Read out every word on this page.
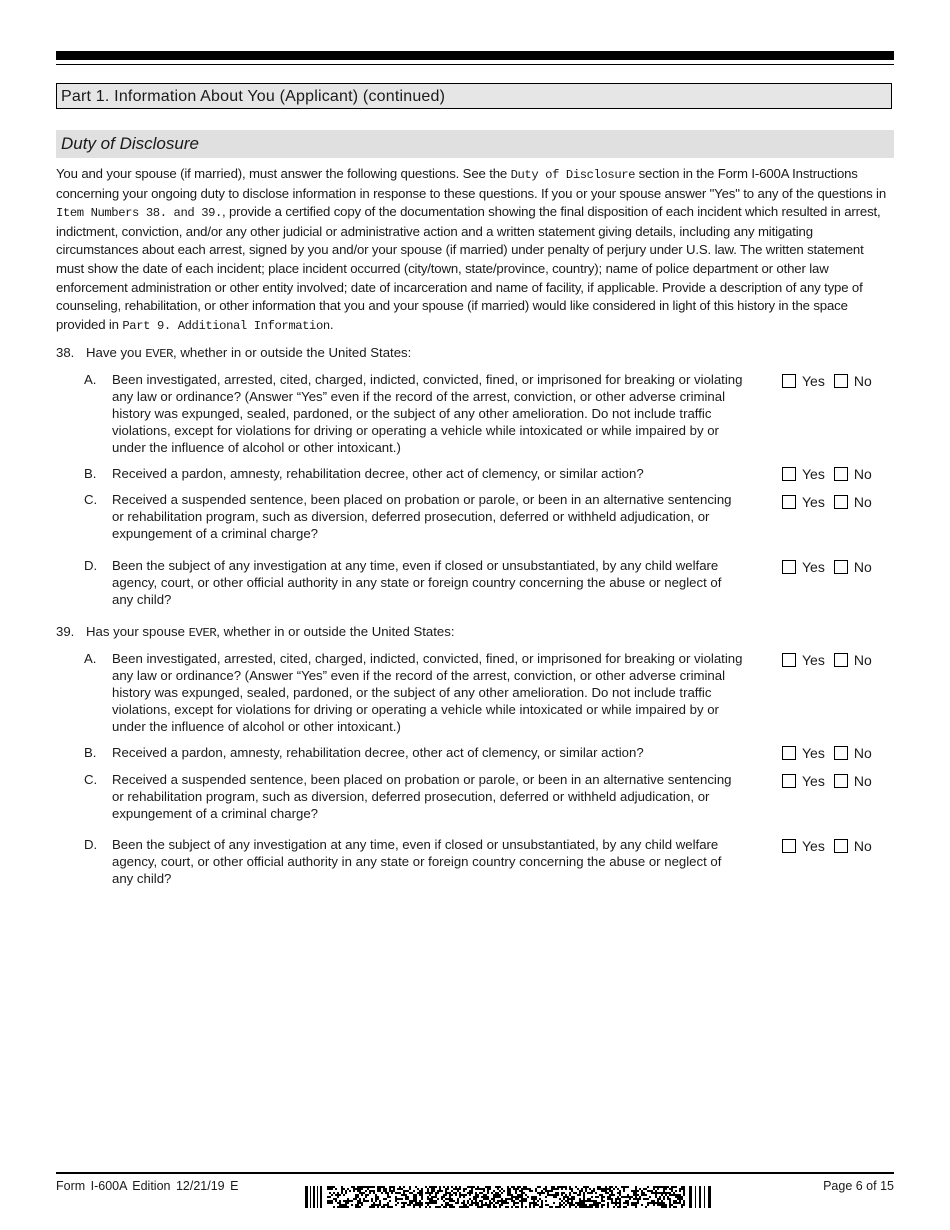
Part 1. Information About You (Applicant) (continued)
Duty of Disclosure

You and your spouse (if married), must answer the following questions. See the Duty of Disclosure section in the Form I-600A Instructions concerning your ongoing duty to disclose information in response to these questions. If you or your spouse answer "Yes" to any of the questions in Item Numbers 38. and 39., provide a certified copy of the documentation showing the final disposition of each incident which resulted in arrest, indictment, conviction, and/or any other judicial or administrative action and a written statement giving details, including any mitigating circumstances about each arrest, signed by you and/or your spouse (if married) under penalty of perjury under U.S. law. The written statement must show the date of each incident; place incident occurred (city/town, state/province, country); name of police department or other law enforcement administration or other entity involved; date of incarceration and name of facility, if applicable. Provide a description of any type of counseling, rehabilitation, or other information that you and your spouse (if married) would like considered in light of this history in the space provided in Part 9. Additional Information.

38. Have you EVER, whether in or outside the United States:
A.	Been investigated, arrested, cited, charged, indicted, convicted, fined, or imprisoned for breaking or violating any law or ordinance? (Answer “Yes” even if the record of the arrest, conviction, or other adverse criminal history was expunged, sealed, pardoned, or the subject of any other amelioration. Do not include traffic violations, except for violations for driving or operating a vehicle while intoxicated or while impaired by or under the influence of alcohol or other intoxicant.)
Yes No
B.	Received a pardon, amnesty, rehabilitation decree, other act of clemency, or similar action?	Yes No
C.	Received a suspended sentence, been placed on probation or parole, or been in an alternative sentencing or rehabilitation program, such as diversion, deferred prosecution, deferred or withheld adjudication, or expungement of a criminal charge?
Yes No
D.	Been the subject of any investigation at any time, even if closed or unsubstantiated, by any child welfare agency, court, or other official authority in any state or foreign country concerning the abuse or neglect of any child?
Yes No
39. Has your spouse EVER, whether in or outside the United States:
A.	Been investigated, arrested, cited, charged, indicted, convicted, fined, or imprisoned for breaking or violating any law or ordinance? (Answer “Yes” even if the record of the arrest, conviction, or other adverse criminal history was expunged, sealed, pardoned, or the subject of any other amelioration. Do not include traffic violations, except for violations for driving or operating a vehicle while intoxicated or while impaired by or under the influence of alcohol or other intoxicant.)
Yes No
B.	Received a pardon, amnesty, rehabilitation decree, other act of clemency, or similar action?	Yes No
C.	Received a suspended sentence, been placed on probation or parole, or been in an alternative sentencing or rehabilitation program, such as diversion, deferred prosecution, deferred or withheld adjudication, or expungement of a criminal charge?
Yes No
D.	Been the subject of any investigation at any time, even if closed or unsubstantiated, by any child welfare agency, court, or other official authority in any state or foreign country concerning the abuse or neglect of any child?
Yes No
Form I-600A Edition 12/21/19 E	Page 6 of 15
